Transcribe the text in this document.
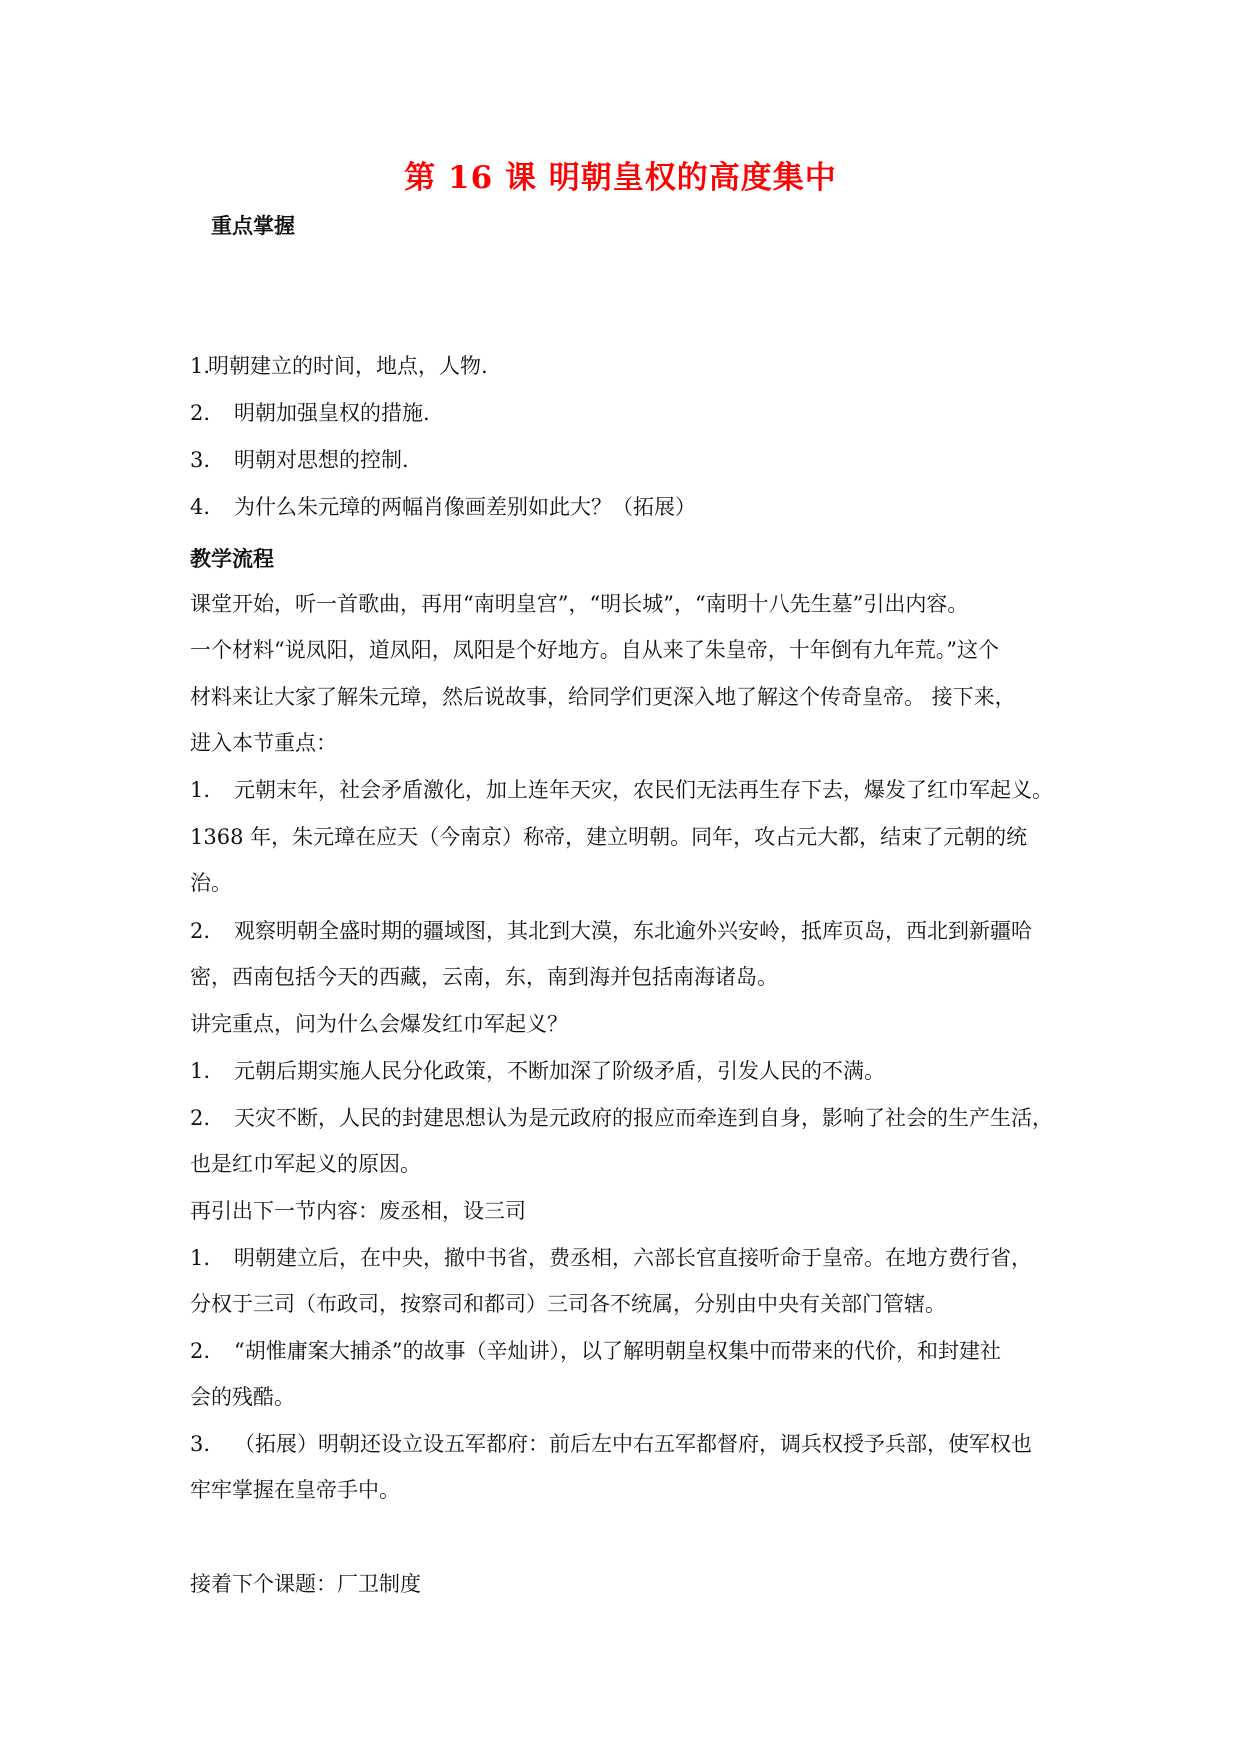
第 16 课 明朝皇权的高度集中
重点掌握
1.明朝建立的时间，地点，人物.
2. 明朝加强皇权的措施.
3. 明朝对思想的控制.
4. 为什么朱元璋的两幅肖像画差别如此大？（拓展）
教学流程
课堂开始，听一首歌曲，再用“南明皇宫”，“明长城”，“南明十八先生墓”引出内容。
一个材料“说凤阳，道凤阳，凤阳是个好地方。自从来了朱皇帝，十年倒有九年荒。”这个
材料来让大家了解朱元璋，然后说故事，给同学们更深入地了解这个传奇皇帝。 接下来，
进入本节重点：
1. 元朝末年，社会矛盾激化，加上连年天灾，农民们无法再生存下去，爆发了红巾军起义。
1368 年，朱元璋在应天（今南京）称帝，建立明朝。同年，攻占元大都，结束了元朝的统
治。
2. 观察明朝全盛时期的疆域图，其北到大漠，东北逾外兴安岭，抵库页岛，西北到新疆哈
密，西南包括今天的西藏，云南，东，南到海并包括南海诸岛。
讲完重点，问为什么会爆发红巾军起义？
1. 元朝后期实施人民分化政策，不断加深了阶级矛盾，引发人民的不满。
2. 天灾不断，人民的封建思想认为是元政府的报应而牵连到自身，影响了社会的生产生活，
也是红巾军起义的原因。
再引出下一节内容：废丞相，设三司
1. 明朝建立后，在中央，撤中书省，费丞相，六部长官直接听命于皇帝。在地方费行省，
分权于三司（布政司，按察司和都司）三司各不统属，分别由中央有关部门管辖。
2. “胡惟庸案大捕杀”的故事（辛灿讲），以了解明朝皇权集中而带来的代价，和封建社
会的残酷。
3. （拓展）明朝还设立设五军都府：前后左中右五军都督府，调兵权授予兵部，使军权也
牢牢掌握在皇帝手中。
接着下个课题：厂卫制度
